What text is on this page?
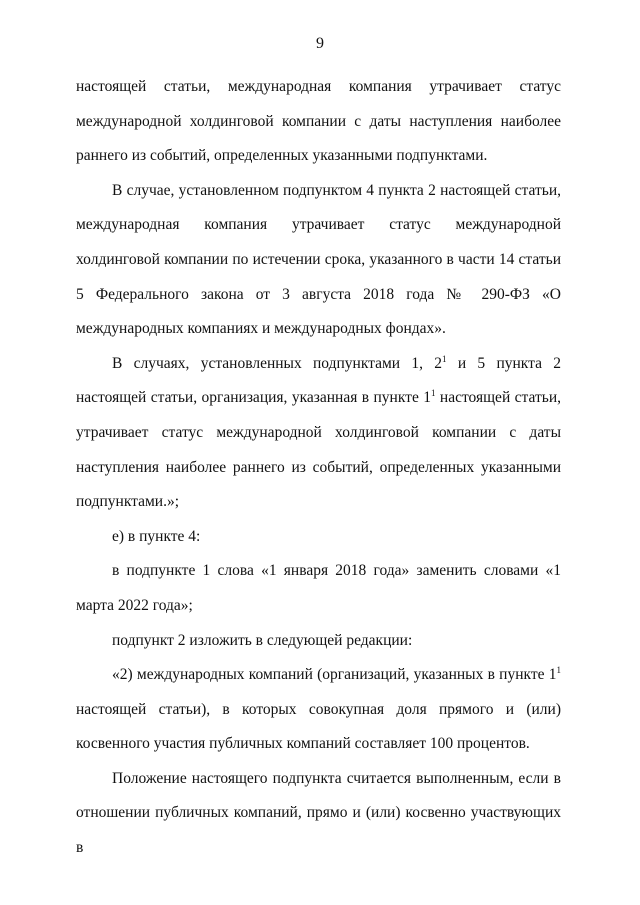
9

настоящей статьи, международная компания утрачивает статус международной холдинговой компании с даты наступления наиболее раннего из событий, определенных указанными подпунктами.

В случае, установленном подпунктом 4 пункта 2 настоящей статьи, международная компания утрачивает статус международной холдинговой компании по истечении срока, указанного в части 14 статьи 5 Федерального закона от 3 августа 2018 года № 290-ФЗ «О международных компаниях и международных фондах».

В случаях, установленных подпунктами 1, $2^1$ и 5 пункта 2 настоящей статьи, организация, указанная в пункте $1^1$ настоящей статьи, утрачивает статус международной холдинговой компании с даты наступления наиболее раннего из событий, определенных указанными подпунктами.»;

е) в пункте 4:

в подпункте 1 слова «1 января 2018 года» заменить словами «1 марта 2022 года»;

подпункт 2 изложить в следующей редакции:

«2) международных компаний (организаций, указанных в пункте $1^1$ настоящей статьи), в которых совокупная доля прямого и (или) косвенного участия публичных компаний составляет 100 процентов.

Положение настоящего подпункта считается выполненным, если в отношении публичных компаний, прямо и (или) косвенно участвующих в
